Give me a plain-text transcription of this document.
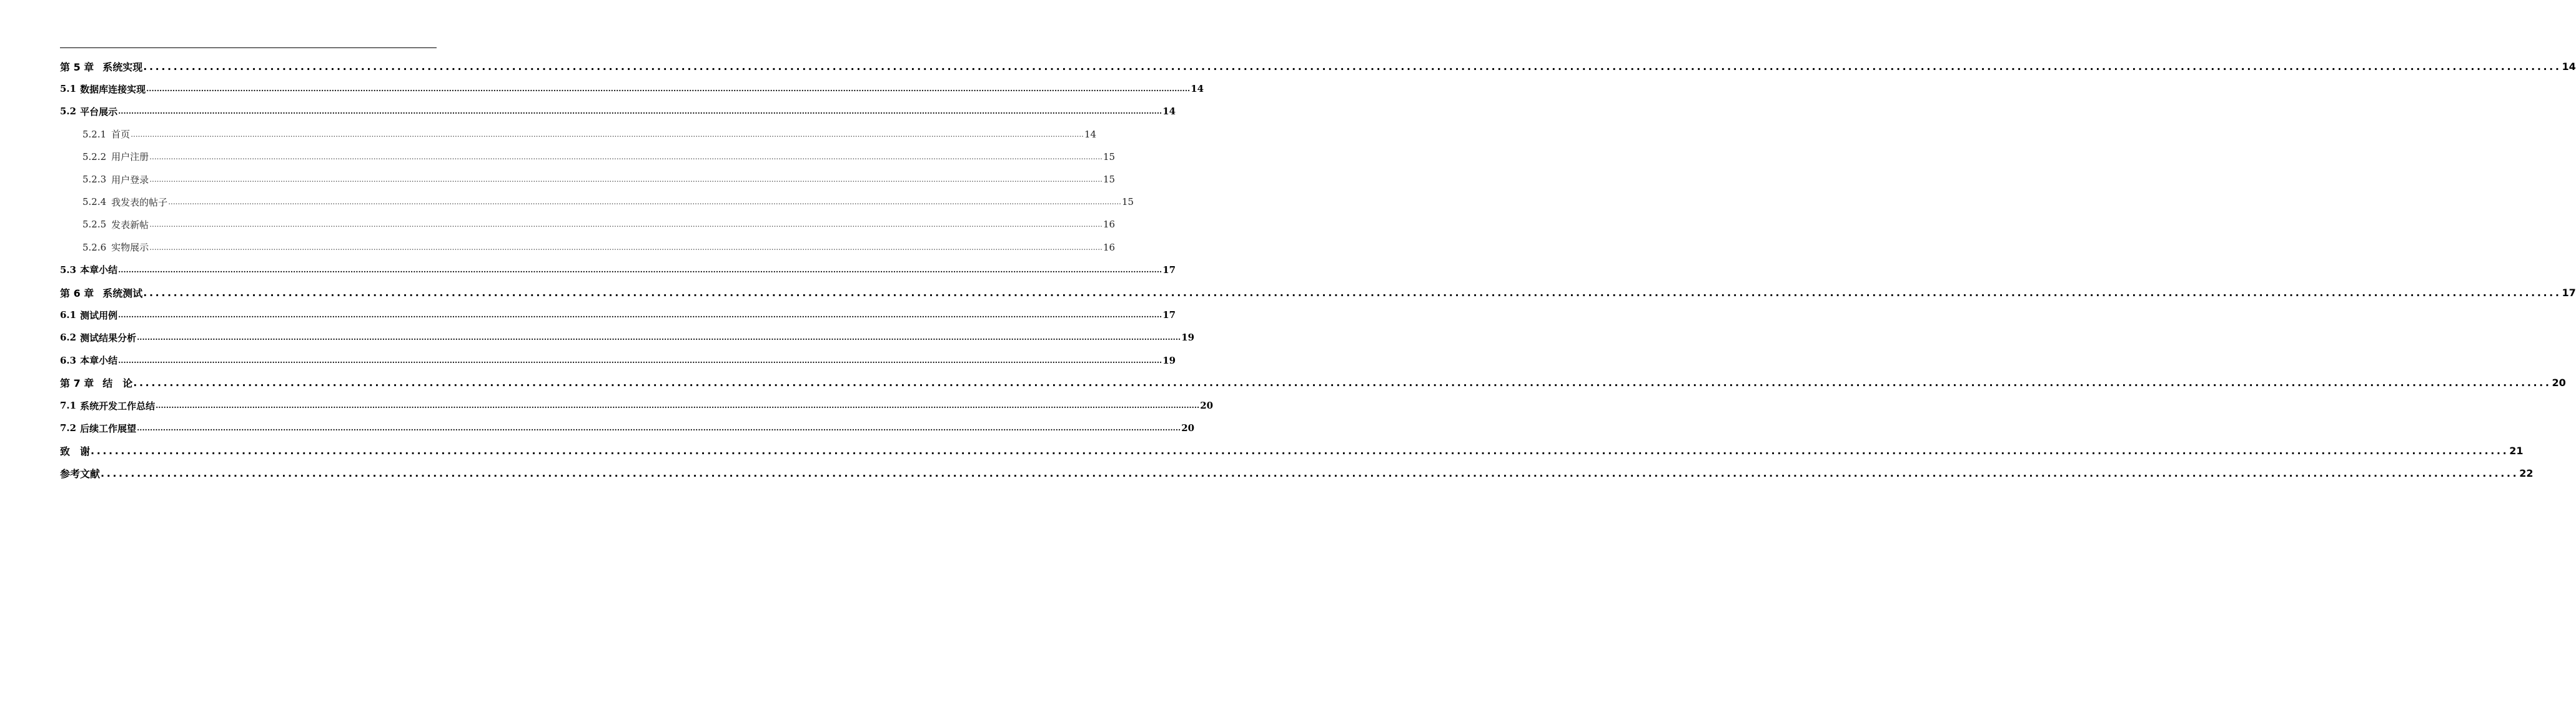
第 5 章 系统实现 ................................................................................................................................................................................................................................................................................................................................................................................................................ 14
5.1 数据库连接实现 ................................................................................................................................................................................................................................................................................................................................................................................................................ 14
5.2 平台展示 ................................................................................................................................................................................................................................................................................................................................................................................................................ 14
5.2.1 首页 ................................................................................................................................................................................................................................................................................................................................................................................................................ 14
5.2.2 用户注册 ................................................................................................................................................................................................................................................................................................................................................................................................................ 15
5.2.3 用户登录 ................................................................................................................................................................................................................................................................................................................................................................................................................ 15
5.2.4 我发表的帖子 ................................................................................................................................................................................................................................................................................................................................................................................................................ 15
5.2.5 发表新帖 ................................................................................................................................................................................................................................................................................................................................................................................................................ 16
5.2.6 实物展示 ................................................................................................................................................................................................................................................................................................................................................................................................................ 16
5.3 本章小结 ................................................................................................................................................................................................................................................................................................................................................................................................................ 17
第 6 章 系统测试 ................................................................................................................................................................................................................................................................................................................................................................................................................ 17
6.1 测试用例 ................................................................................................................................................................................................................................................................................................................................................................................................................ 17
6.2 测试结果分析 ................................................................................................................................................................................................................................................................................................................................................................................................................ 19
6.3 本章小结 ................................................................................................................................................................................................................................................................................................................................................................................................................ 19
第 7 章 结　论 ................................................................................................................................................................................................................................................................................................................................................................................................................ 20
7.1 系统开发工作总结 ................................................................................................................................................................................................................................................................................................................................................................................................................ 20
7.2 后续工作展望 ................................................................................................................................................................................................................................................................................................................................................................................................................ 20
致　谢 ................................................................................................................................................................................................................................................................................................................................................................................................................ 21
参考文献 ................................................................................................................................................................................................................................................................................................................................................................................................................ 22
